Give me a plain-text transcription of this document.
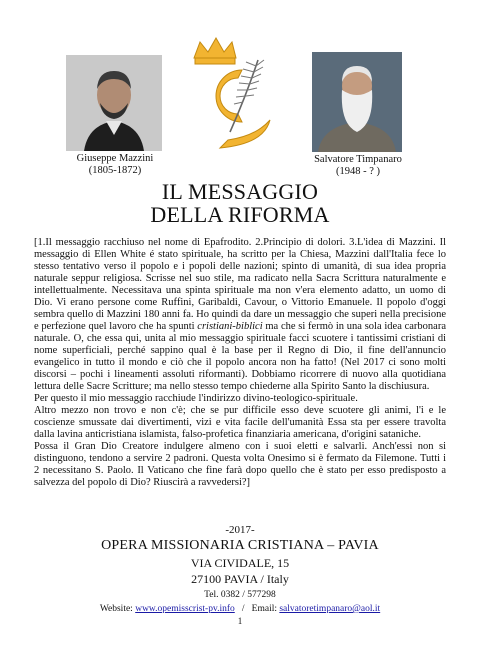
Giuseppe Mazzini
(1805-1872)
Salvatore Timpanaro
(1948 - ? )
IL MESSAGGIO
DELLA RIFORMA

[1.Il messaggio racchiuso nel nome di Epafrodito. 2.Principio di dolori. 3.L'idea di Mazzini. Il messaggio di Ellen White é stato spirituale, ha scritto per la Chiesa, Mazzini dall'Italia fece lo stesso tentativo verso il popolo e i popoli delle nazioni; spinto di umanità, di sua idea propria naturale seppur religiosa. Scrisse nel suo stile, ma radicato nella Sacra Scrittura naturalmente e intellettualmente. Necessitava una spinta spirituale ma non v'era elemento adatto, un uomo di Dio. Vi erano persone come Ruffini, Garibaldi, Cavour, o Vittorio Emanuele. Il popolo d'oggi sembra quello di Mazzini 180 anni fa. Ho quindi da dare un messaggio che superi nella precisione e perfezione quel lavoro che ha spunti cristiani-biblici ma che si fermò in una sola idea carbonara naturale. O, che essa qui, unita al mio messaggio spirituale facci scuotere i tantissimi cristiani di nome superficiali, perché sappino qual è la base per il Regno di Dio, il fine dell'annuncio evangelico in tutto il mondo e ciò che il popolo ancora non ha fatto! (Nel 2017 ci sono molti discorsi – pochi i lineamenti assoluti riformanti). Dobbiamo ricorrere di nuovo alla quotidiana lettura delle Sacre Scritture; ma nello stesso tempo chiederne alla Spirito Santo la dischiusura.

Per questo il mio messaggio racchiude l'indirizzo divino-teologico-spirituale.

Altro mezzo non trovo e non c'è; che se pur difficile esso deve scuotere gli animi, l'i e le coscienze smussate dai divertimenti, vizi e vita facile dell'umanità Essa sta per essere travolta dalla lavina anticristiana islamista, falso-profetica finanziaria americana, d'origini sataniche.

Possa il Gran Dio Creatore indulgere almeno con i suoi eletti e salvarli. Anch'essi non si distinguono, tendono a servire 2 padroni. Questa volta Onesimo si è fermato da Filemone. Tutti i 2 necessitano S. Paolo. Il Vaticano che fine farà dopo quello che è stato per esso predisposto a salvezza del popolo di Dio? Riuscirà a ravvedersi?]

-2017-
OPERA MISSIONARIA CRISTIANA – PAVIA
VIA CIVIDALE, 15
27100 PAVIA / Italy
Tel. 0382 / 577298
Website: www.opemisscrist-pv.info / Email: salvatoretimpanaro@aol.it
1
